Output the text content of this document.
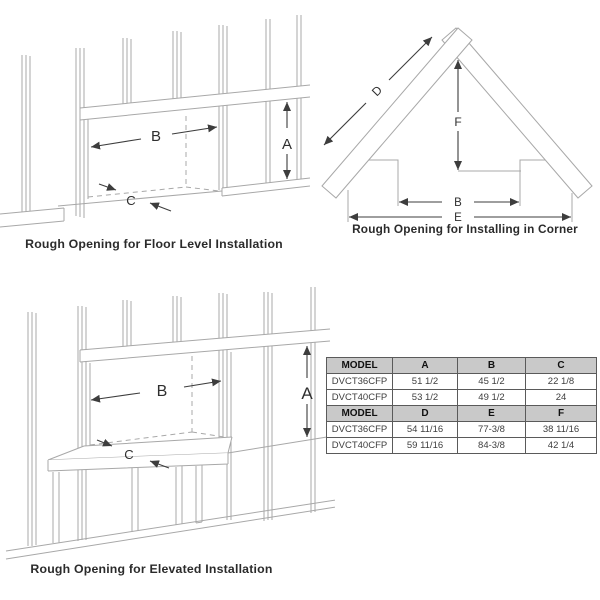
B	A
C
Rough Opening for Floor Level Installation
D
F
B
E
Rough Opening for Installing in Corner
B	A
C
Rough Opening for Elevated Installation
MODEL	A	B	C
DVCT36CFP	51 1/2	45 1/2	22 1/8
DVCT40CFP	53 1/2	49 1/2	24
MODEL	D	E	F
DVCT36CFP	54 11/16	77-3/8	38 11/16
DVCT40CFP	59 11/16	84-3/8	42 1/4
